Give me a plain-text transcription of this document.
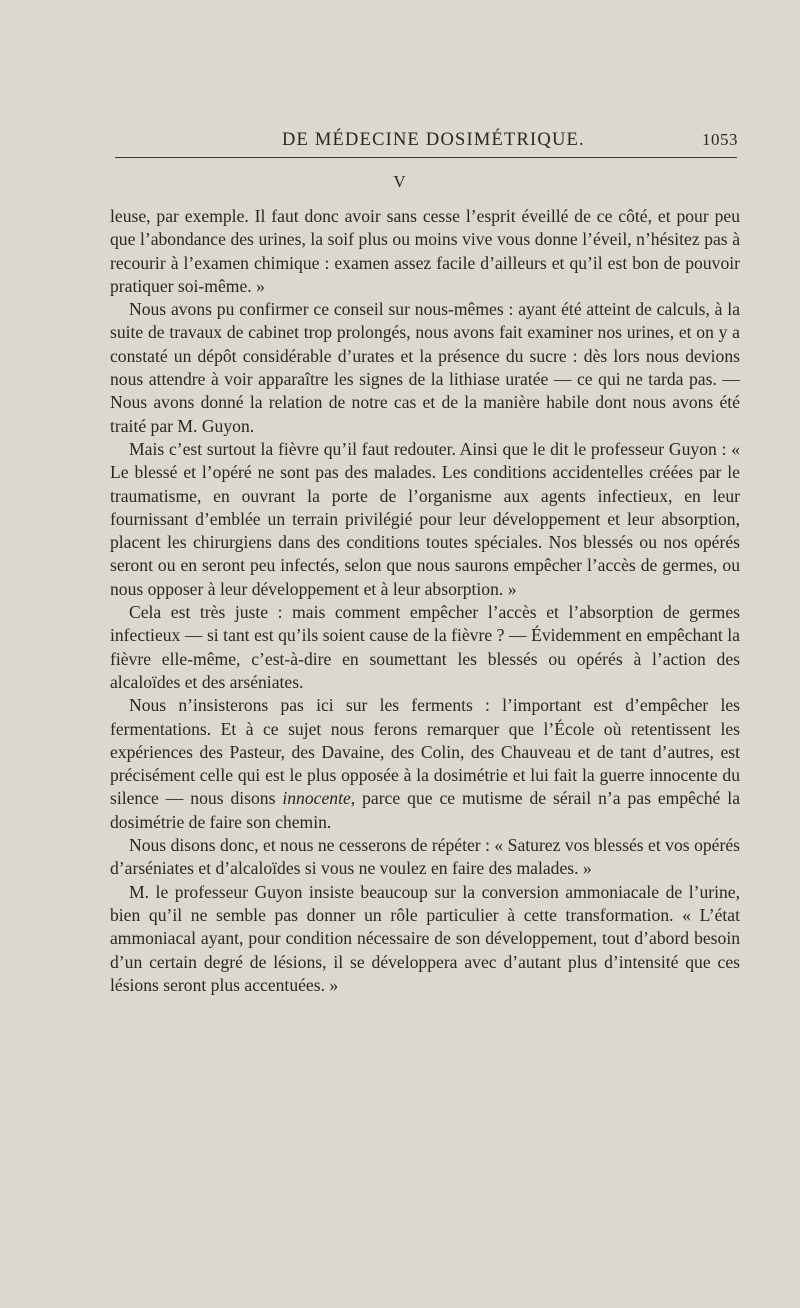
DE MÉDECINE DOSIMÉTRIQUE.	1053
V

leuse, par exemple. Il faut donc avoir sans cesse l’esprit éveillé de ce côté, et pour peu que l’abondance des urines, la soif plus ou moins vive vous donne l’éveil, n’hésitez pas à recourir à l’examen chimique : examen assez facile d’ailleurs et qu’il est bon de pouvoir pratiquer soi-même. »

Nous avons pu confirmer ce conseil sur nous-mêmes : ayant été atteint de calculs, à la suite de travaux de cabinet trop prolongés, nous avons fait examiner nos urines, et on y a constaté un dépôt considérable d’urates et la présence du sucre : dès lors nous devions nous attendre à voir apparaître les signes de la lithiase uratée — ce qui ne tarda pas. — Nous avons donné la relation de notre cas et de la manière habile dont nous avons été traité par M. Guyon.

Mais c’est surtout la fièvre qu’il faut redouter. Ainsi que le dit le professeur Guyon : « Le blessé et l’opéré ne sont pas des malades. Les conditions accidentelles créées par le traumatisme, en ouvrant la porte de l’organisme aux agents infectieux, en leur fournissant d’emblée un terrain privilégié pour leur développement et leur absorption, placent les chirurgiens dans des conditions toutes spéciales. Nos blessés ou nos opérés seront ou en seront peu infectés, selon que nous saurons empêcher l’accès de germes, ou nous opposer à leur développement et à leur absorption. »

Cela est très juste : mais comment empêcher l’accès et l’absorption de germes infectieux — si tant est qu’ils soient cause de la fièvre ? — Évidemment en empêchant la fièvre elle-même, c’est-à-dire en soumettant les blessés ou opérés à l’action des alcaloïdes et des arséniates.

Nous n’insisterons pas ici sur les ferments : l’important est d’empêcher les fermentations. Et à ce sujet nous ferons remarquer que l’École où retentissent les expériences des Pasteur, des Davaine, des Colin, des Chauveau et de tant d’autres, est précisément celle qui est le plus opposée à la dosimétrie et lui fait la guerre innocente du silence — nous disons innocente, parce que ce mutisme de sérail n’a pas empêché la dosimétrie de faire son chemin.

Nous disons donc, et nous ne cesserons de répéter : « Saturez vos blessés et vos opérés d’arséniates et d’alcaloïdes si vous ne voulez en faire des malades. »

M. le professeur Guyon insiste beaucoup sur la conversion ammoniacale de l’urine, bien qu’il ne semble pas donner un rôle particulier à cette transformation. « L’état ammoniacal ayant, pour condition nécessaire de son développement, tout d’abord besoin d’un certain degré de lésions, il se développera avec d’autant plus d’intensité que ces lésions seront plus accentuées. »
